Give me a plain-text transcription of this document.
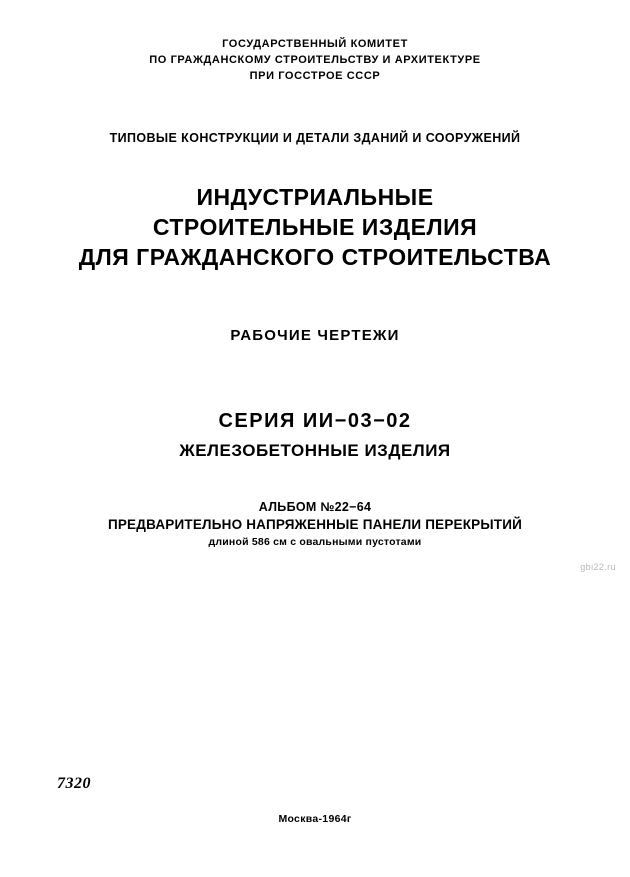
ГОСУДАРСТВЕННЫЙ КОМИТЕТ
ПО ГРАЖДАНСКОМУ СТРОИТЕЛЬСТВУ И АРХИТЕКТУРЕ
ПРИ ГОССТРОЕ СССР
ТИПОВЫЕ КОНСТРУКЦИИ И ДЕТАЛИ ЗДАНИЙ И СООРУЖЕНИЙ
ИНДУСТРИАЛЬНЫЕ
СТРОИТЕЛЬНЫЕ ИЗДЕЛИЯ
ДЛЯ ГРАЖДАНСКОГО СТРОИТЕЛЬСТВА
РАБОЧИЕ ЧЕРТЕЖИ
СЕРИЯ ИИ−03−02
ЖЕЛЕЗОБЕТОННЫЕ ИЗДЕЛИЯ
АЛЬБОМ №22−64
ПРЕДВАРИТЕЛЬНО НАПРЯЖЕННЫЕ ПАНЕЛИ ПЕРЕКРЫТИЙ
длиной 586 см с овальными пустотами
gbi22.ru
7320
Москва-1964г
